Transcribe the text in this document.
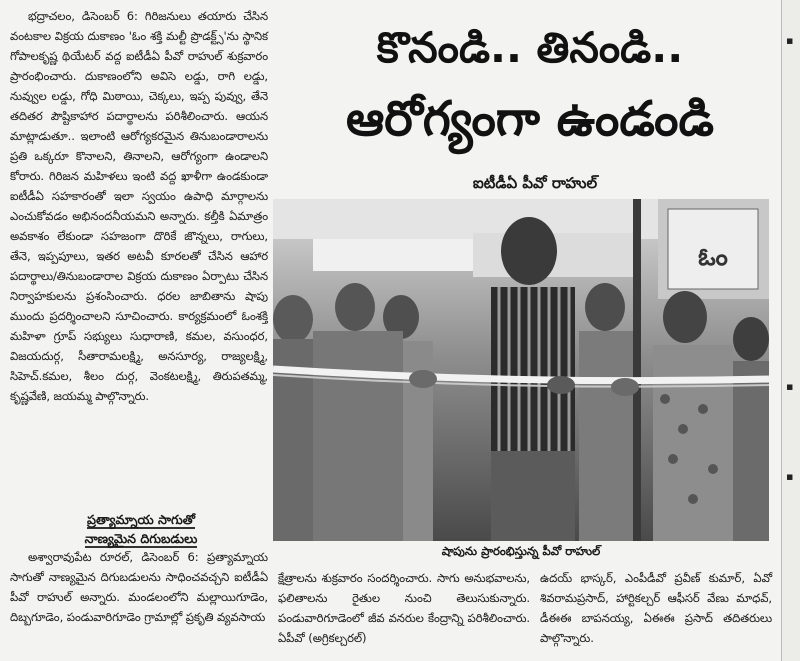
భద్రాచలం, డిసెంబర్ 6: గిరిజనులు తయారు చేసిన వంటకాల విక్రయ దుకాణం 'ఓం శక్తి మల్టీ ప్రొడక్ట్స్'ను స్థానిక గోపాలకృష్ణ థియేటర్ వద్ద ఐటీడీఏ పీవో రాహుల్ శుక్రవారం ప్రారంభించారు. దుకాణంలోని అవిసె లడ్డు, రాగి లడ్డు, నువ్వుల లడ్డు, గోధి మిఠాయి, చెక్కలు, ఇప్ప పువ్వు, తేనె తదితర పౌష్టికాహార పదార్థాలను పరిశీలించారు. ఆయన మాట్లాడుతూ.. ఇలాంటి ఆరోగ్యకరమైన తినుబండారాలను ప్రతి ఒక్కరూ కొనాలని, తినాలని, ఆరోగ్యంగా ఉండాలని కోరారు. గిరిజన మహిళలు ఇంటి వద్ద ఖాళీగా ఉండకుండా ఐటీడీఏ సహకారంతో ఇలా స్వయం ఉపాధి మార్గాలను ఎంచుకోవడం అభినందనీయమని అన్నారు. కల్తీకి ఏమాత్రం అవకాశం లేకుండా సహజంగా దొరికే జొన్నలు, రాగులు, తేనె, ఇప్పపూలు, ఇతర అటవీ కూరలతో చేసిన ఆహార పదార్థాలు/తినుబండారాల విక్రయ దుకాణం ఏర్పాటు చేసిన నిర్వాహకులను ప్రశంసించారు. ధరల జాబితాను షాపు ముందు ప్రదర్శించాలని సూచించారు. కార్యక్రమంలో ఓంశక్తి మహిళా గ్రూప్ సభ్యులు సుధారాణి, కమల, వసుంధర, విజయదుర్గ, సీతారామలక్ష్మి, అనసూర్య, రాజ్యలక్ష్మి, సిహెచ్.కమల, శీలం దుర్గ, వెంకటలక్ష్మి, తిరుపతమ్మ, కృష్ణవేణి, జయమ్మ పాల్గొన్నారు.

ప్రత్యామ్నాయ సాగుతో
నాణ్యమైన దిగుబడులు

అశ్వారావుపేట రూరల్, డిసెంబర్ 6: ప్రత్యామ్నాయ సాగుతో నాణ్యమైన దిగుబడులను సాధించవచ్చని ఐటీడీఏ పీవో రాహుల్ అన్నారు. మండలంలోని మల్లాయిగూడెం, దిబ్బగూడెం, పండువారిగూడెం గ్రామాల్లో ప్రకృతి వ్యవసాయ

కొనండి.. తినండి..
ఆరోగ్యంగా ఉండండి
ఐటీడీఏ పీవో రాహుల్
ఓం
షాపును ప్రారంభిస్తున్న పీవో రాహుల్

క్షేత్రాలను శుక్రవారం సందర్శించారు. సాగు అనుభవాలను, ఫలితాలను రైతుల నుంచి తెలుసుకున్నారు. పండువారిగూడెంలో జీవ వనరుల కేంద్రాన్ని పరిశీలించారు. ఏపీవో (అగ్రికల్చరల్)

ఉదయ్ భాస్కర్, ఎంపీడీవో ప్రవీణ్ కుమార్, ఏవో శివరామప్రసాద్, హార్టికల్చర్ ఆఫీసర్ వేణు మాధవ్, డీఈఈ బాపనయ్య, ఏఈఈ ప్రసాద్ తదితరులు పాల్గొన్నారు.

▪
▪
▪
